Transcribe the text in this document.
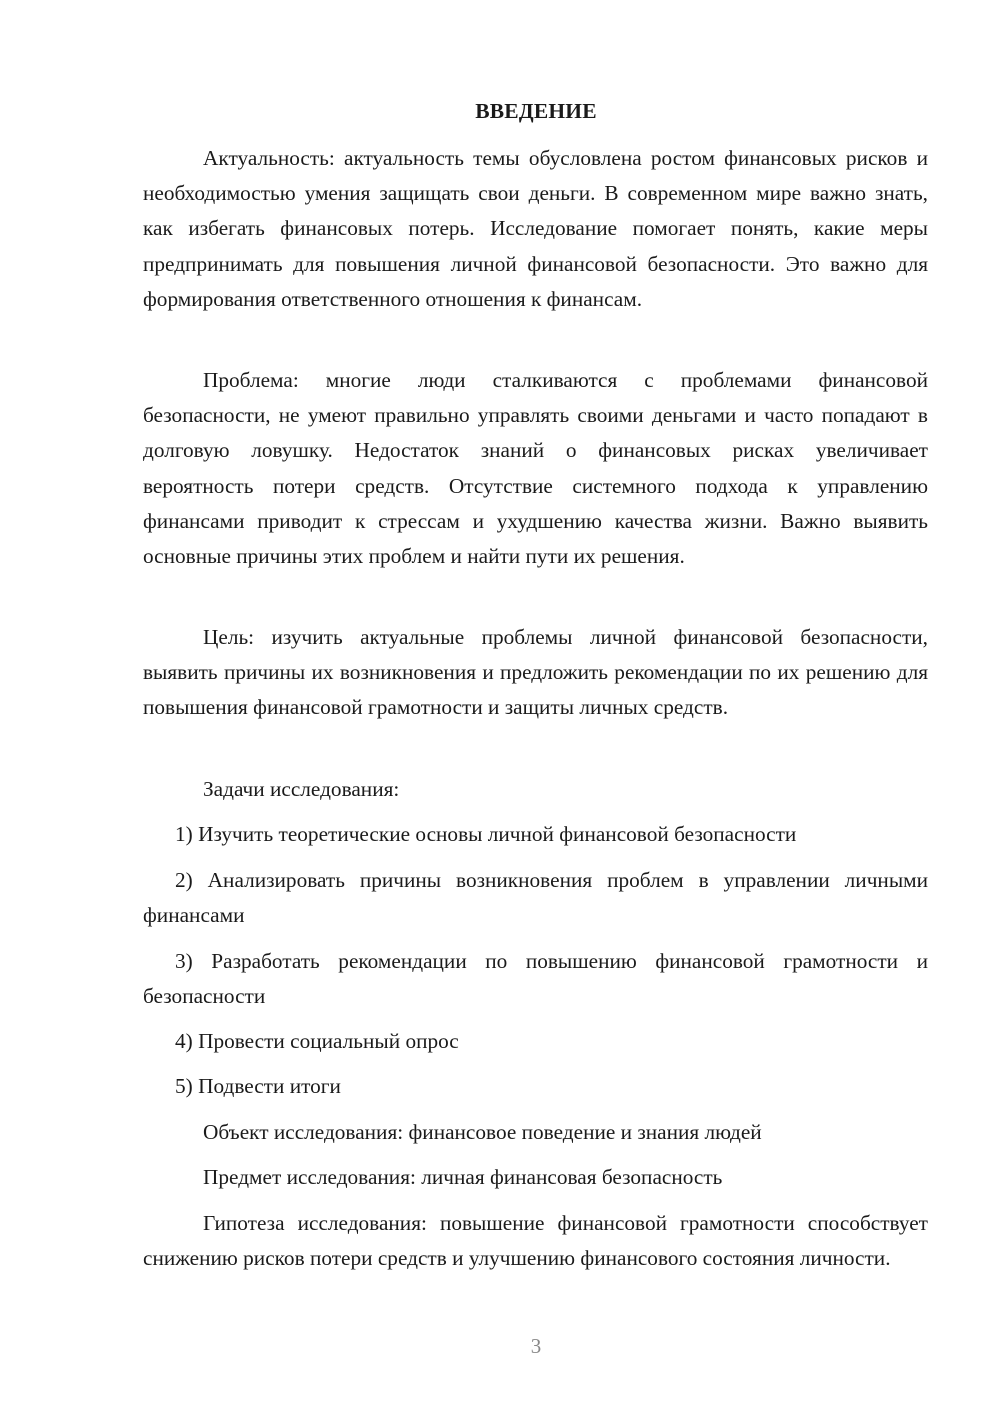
ВВЕДЕНИЕ

Актуальность: актуальность темы обусловлена ростом финансовых рисков и необходимостью умения защищать свои деньги. В современном мире важно знать, как избегать финансовых потерь. Исследование помогает понять, какие меры предпринимать для повышения личной финансовой безопасности. Это важно для формирования ответственного отношения к финансам.

Проблема: многие люди сталкиваются с проблемами финансовой безопасности, не умеют правильно управлять своими деньгами и часто попадают в долговую ловушку. Недостаток знаний о финансовых рисках увеличивает вероятность потери средств. Отсутствие системного подхода к управлению финансами приводит к стрессам и ухудшению качества жизни. Важно выявить основные причины этих проблем и найти пути их решения.

Цель: изучить актуальные проблемы личной финансовой безопасности, выявить причины их возникновения и предложить рекомендации по их решению для повышения финансовой грамотности и защиты личных средств.

Задачи исследования:

1) Изучить теоретические основы личной финансовой безопасности

2) Анализировать причины возникновения проблем в управлении личными финансами

3) Разработать рекомендации по повышению финансовой грамотности и безопасности

4) Провести социальный опрос

5) Подвести итоги

Объект исследования: финансовое поведение и знания людей

Предмет исследования: личная финансовая безопасность

Гипотеза исследования: повышение финансовой грамотности способствует снижению рисков потери средств и улучшению финансового состояния личности.

3
